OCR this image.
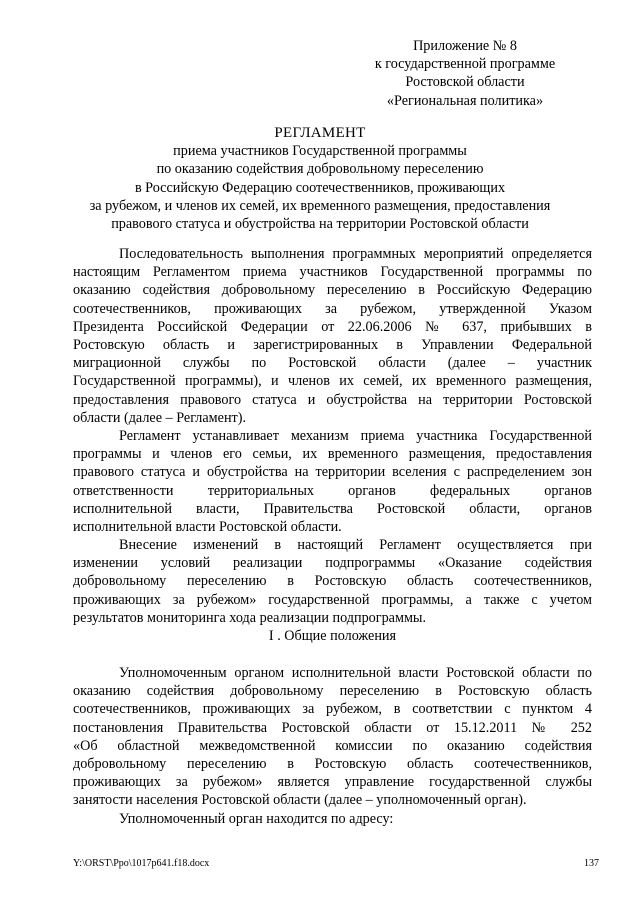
Приложение № 8
к государственной программе
Ростовской области
«Региональная политика»
РЕГЛАМЕНТ
приема участников Государственной программы
по оказанию содействия добровольному переселению
в Российскую Федерацию соотечественников, проживающих
за рубежом, и членов их семей, их временного размещения, предоставления
правового статуса и обустройства на территории Ростовской области
Последовательность выполнения программных мероприятий определяется
настоящим Регламентом приема участников Государственной программы по
оказанию содействия добровольному переселению в Российскую Федерацию
соотечественников, проживающих за рубежом, утвержденной Указом
Президента Российской Федерации от 22.06.2006 № 637, прибывших в
Ростовскую область и зарегистрированных в Управлении Федеральной
миграционной службы по Ростовской области (далее – участник
Государственной программы), и членов их семей, их временного размещения,
предоставления правового статуса и обустройства на территории Ростовской
области (далее – Регламент).
Регламент устанавливает механизм приема участника Государственной
программы и членов его семьи, их временного размещения, предоставления
правового статуса и обустройства на территории вселения с распределением зон
ответственности территориальных органов федеральных органов
исполнительной власти, Правительства Ростовской области, органов
исполнительной власти Ростовской области.
Внесение изменений в настоящий Регламент осуществляется при
изменении условий реализации подпрограммы «Оказание содействия
добровольному переселению в Ростовскую область соотечественников,
проживающих за рубежом» государственной программы, а также с учетом
результатов мониторинга хода реализации подпрограммы.
I . Общие положения
Уполномоченным органом исполнительной власти Ростовской области по
оказанию содействия добровольному переселению в Ростовскую область
соотечественников, проживающих за рубежом, в соответствии с пунктом 4
постановления Правительства Ростовской области от 15.12.2011 № 252
«Об областной межведомственной комиссии по оказанию содействия
добровольному переселению в Ростовскую область соотечественников,
проживающих за рубежом» является управление государственной службы
занятости населения Ростовской области (далее – уполномоченный орган).
Уполномоченный орган находится по адресу:
Y:\ORST\Ppo\1017p641.f18.docx	137
